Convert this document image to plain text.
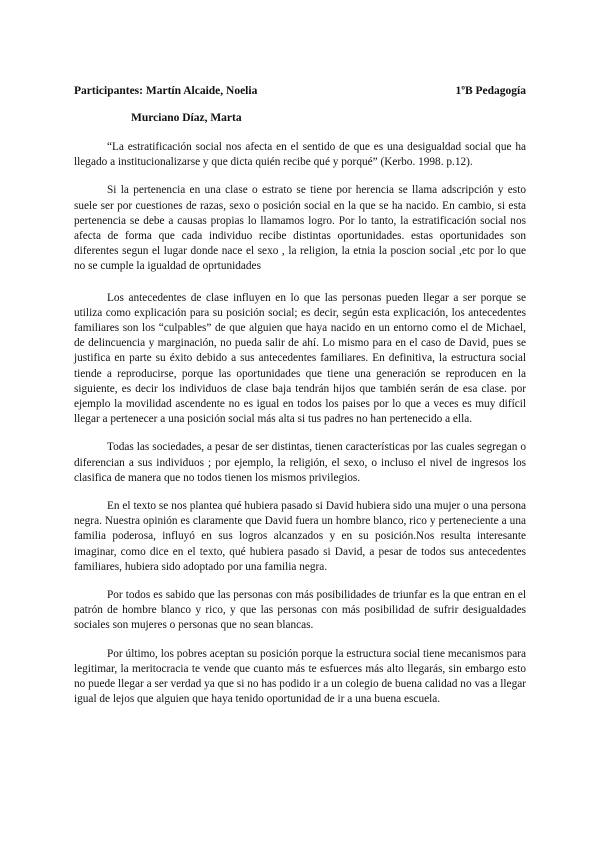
Participantes: Martín Alcaide, Noelia	1ºB Pedagogía
Murciano Díaz, Marta

“La estratificación social nos afecta en el sentido de que es una desigualdad social que ha llegado a institucionalizarse y que dicta quién recibe qué y porqué” (Kerbo. 1998. p.12).

Si la pertenencia en una clase o estrato se tiene por herencia se llama adscripción y esto suele ser por cuestiones de razas, sexo o posición social en la que se ha nacido. En cambio, si esta pertenencia se debe a causas propias lo llamamos logro. Por lo tanto, la estratificación social nos afecta de forma que cada individuo recibe distintas oportunidades. estas oportunidades son diferentes segun el lugar donde nace el sexo , la religion, la etnia la poscion social ,etc por lo que no se cumple la igualdad de oprtunidades

Los antecedentes de clase influyen en lo que las personas pueden llegar a ser porque se utiliza como explicación para su posición social; es decir, según esta explicación, los antecedentes familiares son los “culpables” de que alguien que haya nacido en un entorno como el de Michael, de delincuencia y marginación, no pueda salir de ahí. Lo mismo para en el caso de David, pues se justifica en parte su éxito debido a sus antecedentes familiares. En definitiva, la estructura social tiende a reproducirse, porque las oportunidades que tiene una generación se reproducen en la siguiente, es decir los individuos de clase baja tendrán hijos que también serán de esa clase. por ejemplo la movilidad ascendente no es igual en todos los paises por lo que a veces es muy difícil llegar a pertenecer a una posición social más alta si tus padres no han pertenecido a ella.

Todas las sociedades, a pesar de ser distintas, tienen características por las cuales segregan o diferencian a sus individuos ; por ejemplo, la religión, el sexo, o incluso el nivel de ingresos los clasifica de manera que no todos tienen los mismos privilegios.

En el texto se nos plantea qué hubiera pasado si David hubiera sido una mujer o una persona negra. Nuestra opinión es claramente que David fuera un hombre blanco, rico y perteneciente a una familia poderosa, influyó en sus logros alcanzados y en su posición.Nos resulta interesante imaginar, como dice en el texto, qué hubiera pasado si David, a pesar de todos sus antecedentes familiares, hubiera sido adoptado por una familia negra.

Por todos es sabido que las personas con más posibilidades de triunfar es la que entran en el patrón de hombre blanco y rico, y que las personas con más posibilidad de sufrir desigualdades sociales son mujeres o personas que no sean blancas.

Por último, los pobres aceptan su posición porque la estructura social tiene mecanismos para legitimar, la meritocracia te vende que cuanto más te esfuerces más alto llegarás, sin embargo esto no puede llegar a ser verdad ya que si no has podido ir a un colegio de buena calidad no vas a llegar igual de lejos que alguien que haya tenido oportunidad de ir a una buena escuela.
